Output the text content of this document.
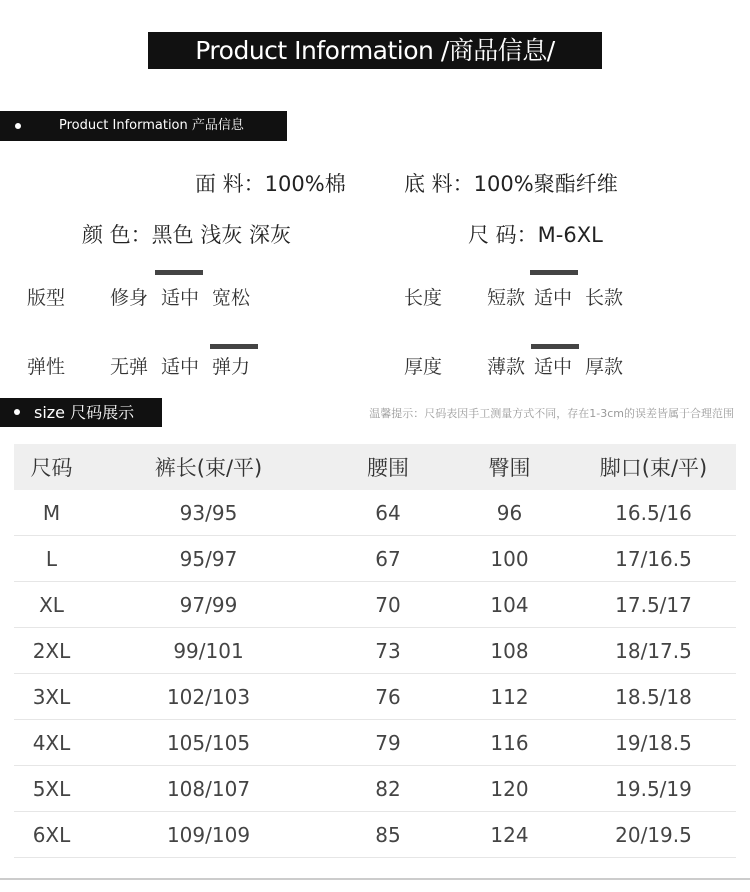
Product Information /商品信息/
Product Information 产品信息
面 料：100%棉	底 料：100%聚酯纤维
颜 色：黑色 浅灰 深灰	尺 码：M-6XL
版型 修身 适中 宽松	长度 短款 适中 长款
弹性 无弹 适中 弹力	厚度 薄款 适中 厚款
size 尺码展示	温馨提示：尺码表因手工测量方式不同，存在1-3cm的误差皆属于合理范围
尺码	裤长(束/平)	腰围	臀围	脚口(束/平)
M	93/95	64	96	16.5/16
L	95/97	67	100	17/16.5
XL	97/99	70	104	17.5/17
2XL	99/101	73	108	18/17.5
3XL	102/103	76	112	18.5/18
4XL	105/105	79	116	19/18.5
5XL	108/107	82	120	19.5/19
6XL	109/109	85	124	20/19.5
